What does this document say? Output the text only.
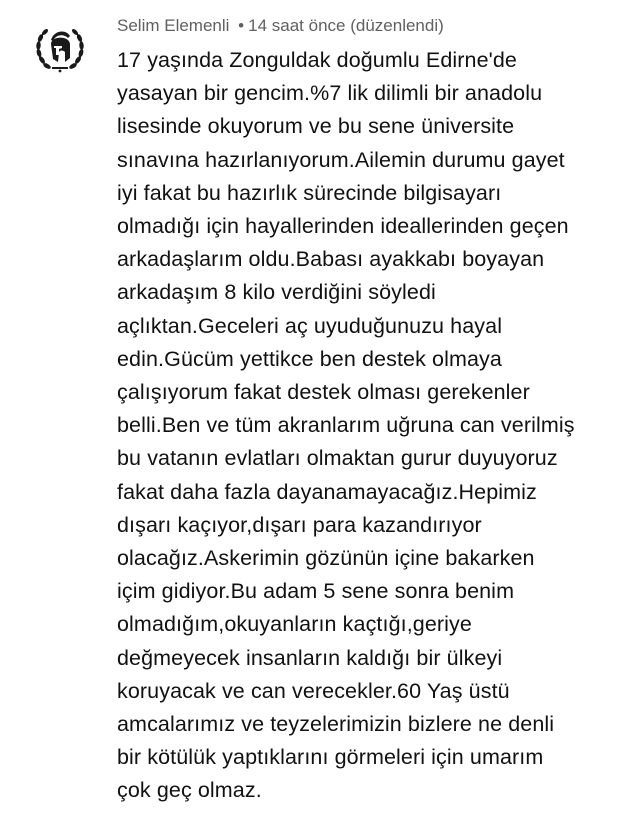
Selim Elemenli • 14 saat önce (düzenlendi)
17 yaşında Zonguldak doğumlu Edirne'de
yasayan bir gencim.%7 lik dilimli bir anadolu
lisesinde okuyorum ve bu sene üniversite
sınavına hazırlanıyorum.Ailemin durumu gayet
iyi fakat bu hazırlık sürecinde bilgisayarı
olmadığı için hayallerinden ideallerinden geçen
arkadaşlarım oldu.Babası ayakkabı boyayan
arkadaşım 8 kilo verdiğini söyledi
açlıktan.Geceleri aç uyuduğunuzu hayal
edin.Gücüm yettikce ben destek olmaya
çalışıyorum fakat destek olması gerekenler
belli.Ben ve tüm akranlarım uğruna can verilmiş
bu vatanın evlatları olmaktan gurur duyuyoruz
fakat daha fazla dayanamayacağız.Hepimiz
dışarı kaçıyor,dışarı para kazandırıyor
olacağız.Askerimin gözünün içine bakarken
içim gidiyor.Bu adam 5 sene sonra benim
olmadığım,okuyanların kaçtığı,geriye
değmeyecek insanların kaldığı bir ülkeyi
koruyacak ve can verecekler.60 Yaş üstü
amcalarımız ve teyzelerimizin bizlere ne denli
bir kötülük yaptıklarını görmeleri için umarım
çok geç olmaz.
